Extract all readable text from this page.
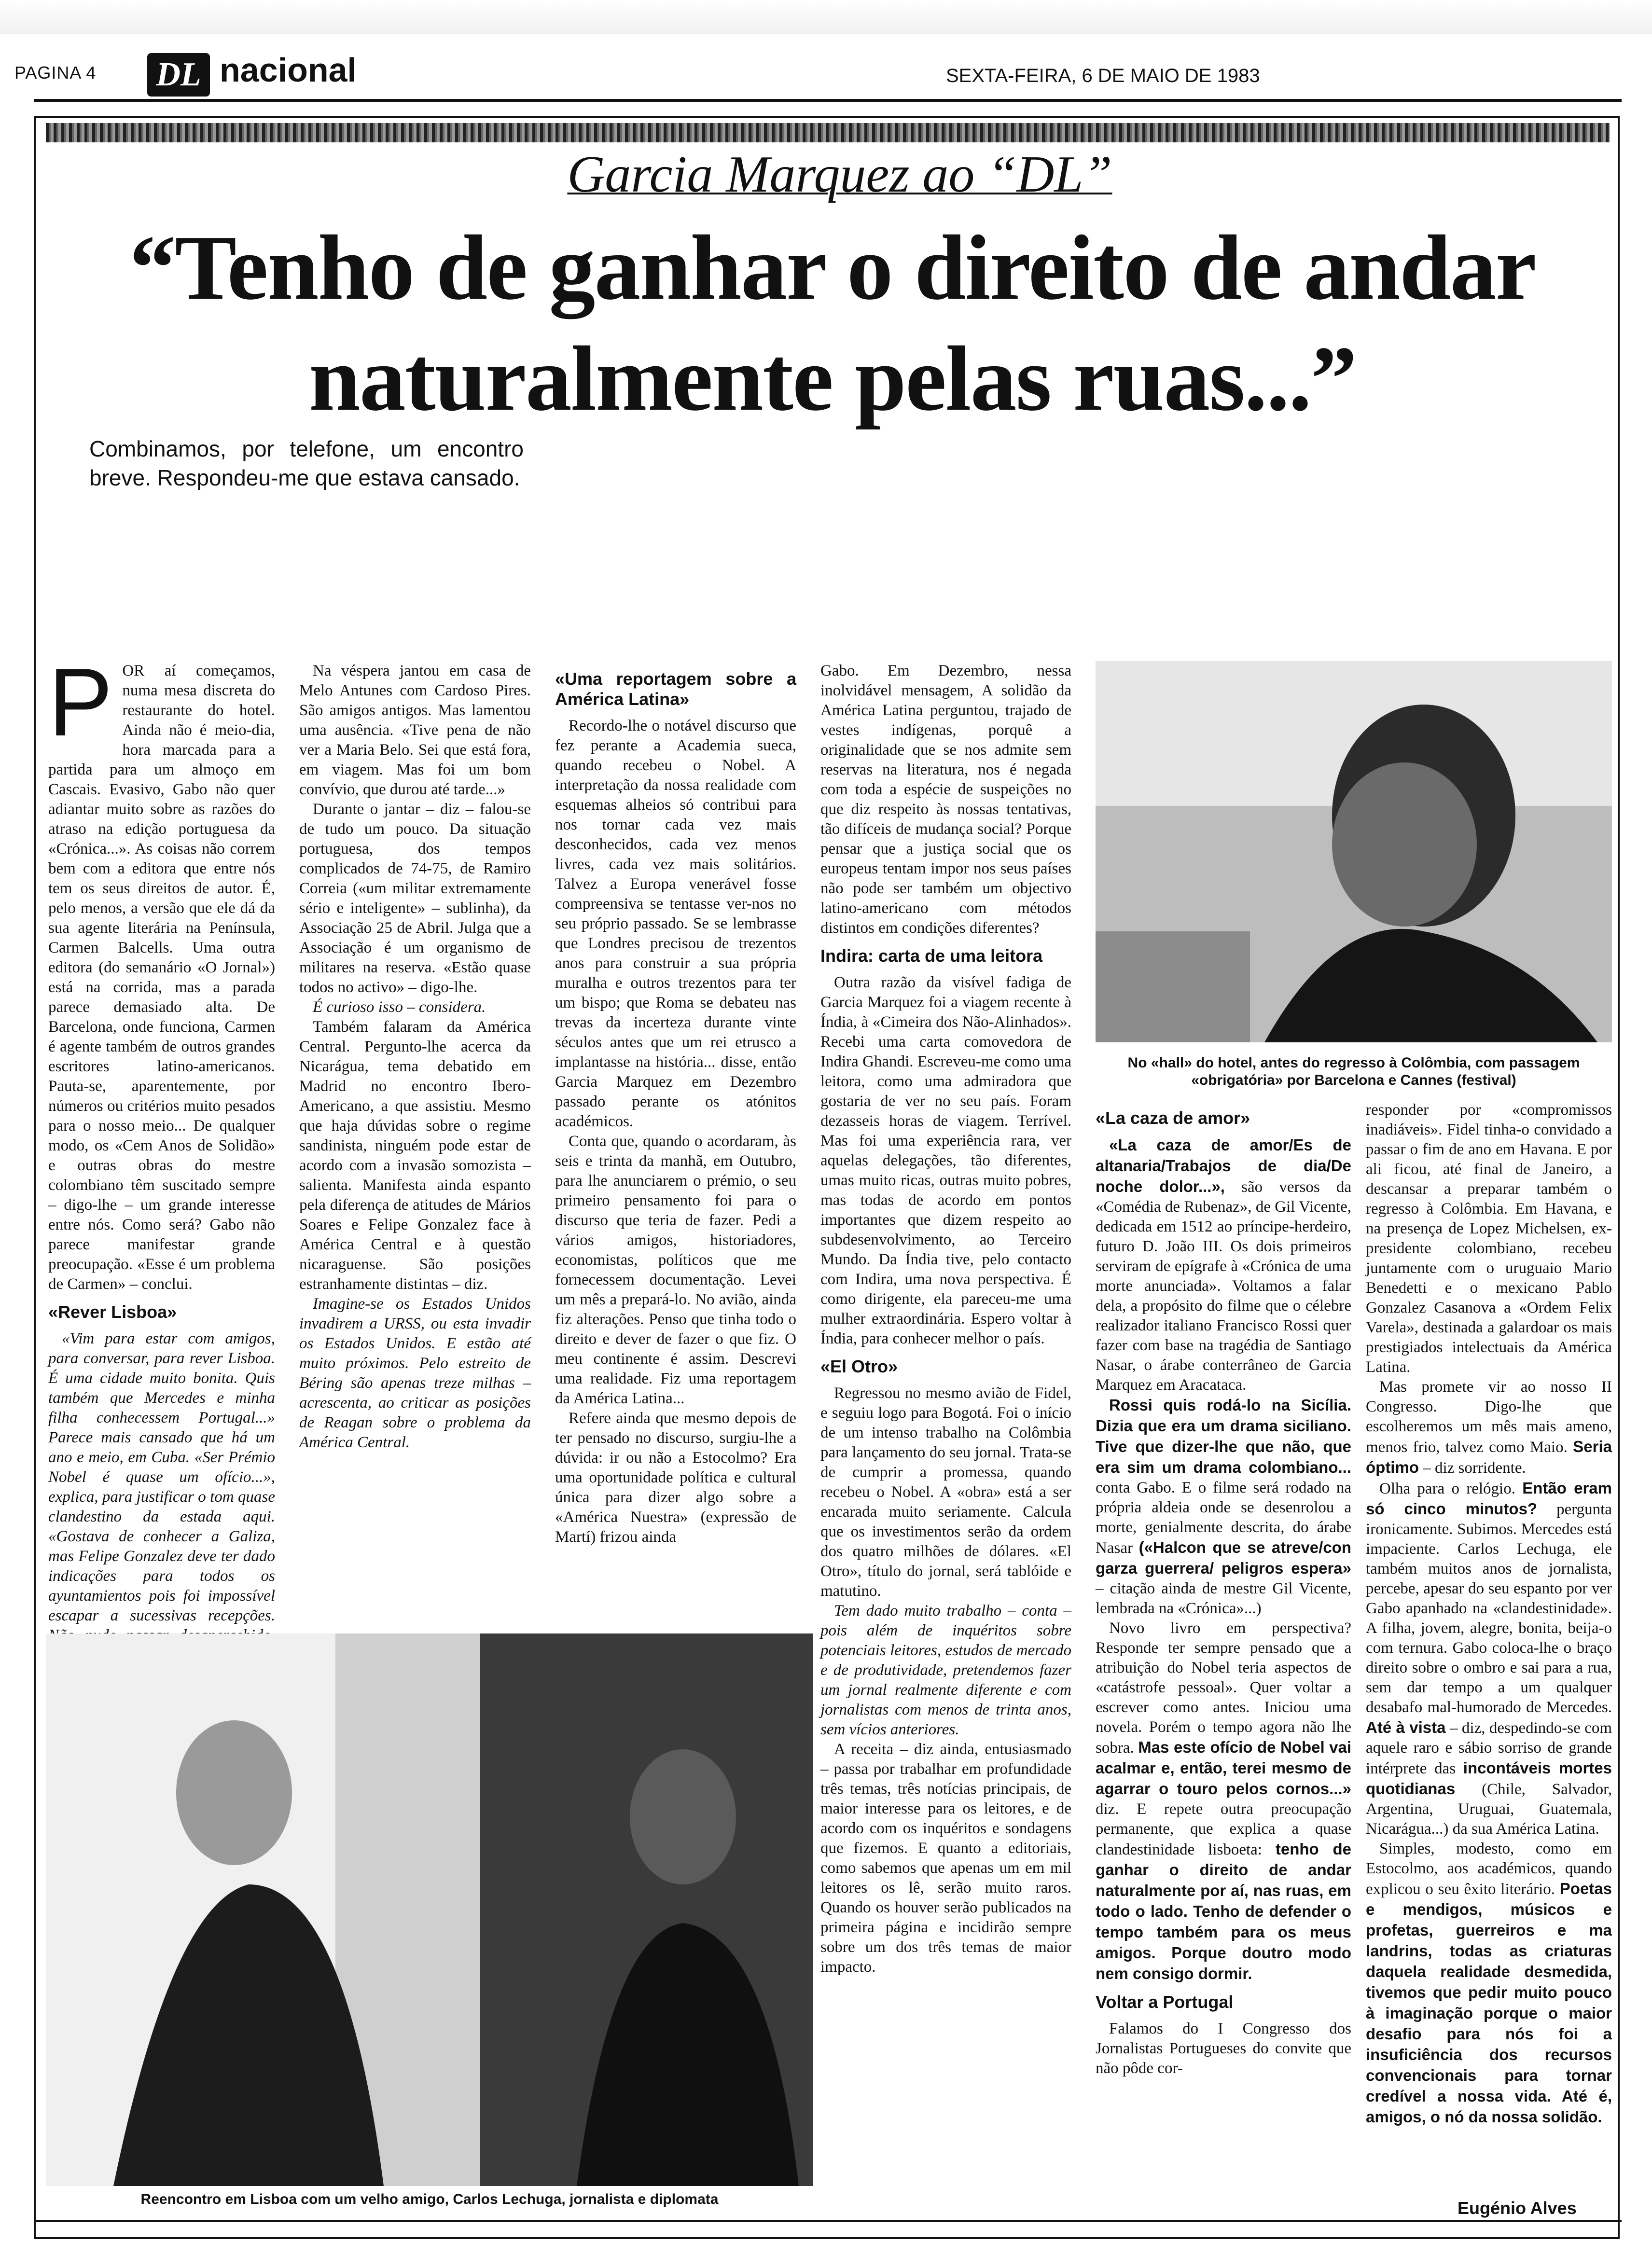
PAGINA 4 DL nacional	SEXTA-FEIRA, 6 DE MAIO DE 1983
Garcia Marquez ao “DL”
“Tenho de ganhar o direito de andar naturalmente pelas ruas...”

Combinamos, por telefone, um encontro breve. Respondeu-me que estava cansado.

P OR aí começamos, numa mesa discreta do restaurante do hotel. Ainda não é meio-dia, hora marcada para a partida para um almoço em Cascais. Evasivo, Gabo não quer adiantar muito sobre as razões do atraso na edição portuguesa da «Crónica...». As coisas não correm bem com a editora que entre nós tem os seus direitos de autor. É, pelo menos, a versão que ele dá da sua agente literária na Península, Carmen Balcells. Uma outra editora (do semanário «O Jornal») está na corrida, mas a parada parece demasiado alta. De Barcelona, onde funciona, Carmen é agente também de outros grandes escritores latino-americanos. Pauta-se, aparentemente, por números ou critérios muito pesados para o nosso meio... De qualquer modo, os «Cem Anos de Solidão» e outras obras do mestre colombiano têm suscitado sempre – digo-lhe – um grande interesse entre nós. Como será? Gabo não parece manifestar grande preocupação. «Esse é um problema de Carmen» – conclui.

«Rever Lisboa»

«Vim para estar com amigos, para conversar, para rever Lisboa. É uma cidade muito bonita. Quis também que Mercedes e minha filha conhecessem Portugal...» Parece mais cansado que há um ano e meio, em Cuba. «Ser Prémio Nobel é quase um ofício...», explica, para justificar o tom quase clandestino da estada aqui. «Gostava de conhecer a Galiza, mas Felipe Gonzalez deve ter dado indicações para todos os ayuntamientos pois foi impossível escapar a sucessivas recepções.

Na véspera jantou em casa de Melo Antunes com Cardoso Pires. São amigos antigos. Mas lamentou uma ausência. «Tive pena de não ver a Maria Belo. Sei que está fora, em viagem. Mas foi um bom convívio, que durou até tarde...»

Durante o jantar – diz – falou-se de tudo um pouco. Da situação portuguesa, dos tempos complicados de 74-75, de Ramiro Correia («um militar extremamente sério e inteligente» – sublinha), da Associação 25 de Abril. Julga que a Associação é um organismo de militares na reserva. «Estão quase todos no activo» – digo-lhe.

É curioso isso – considera.

Também falaram da América Central. Pergunto-lhe acerca da Nicarágua, tema debatido em Madrid no encontro Ibero-Americano, a que assistiu. Mesmo que haja dúvidas sobre o regime sandinista, ninguém pode estar de acordo com a invasão somozista – salienta. Manifesta ainda espanto pela diferença de atitudes de Mários Soares e Felipe Gonzalez face à América Central e à questão nicaraguense. São posições estranhamente distintas – diz.

Imagine-se os Estados Unidos invadirem a URSS, ou esta invadir os Estados Unidos. E estão até muito próximos. Pelo estreito de Béring são apenas treze milhas – acrescenta, ao criticar as posições de Reagan sobre o problema da América Central.

«Uma reportagem sobre a América Latina»

Recordo-lhe o notável discurso que fez perante a Academia sueca, quando recebeu o Nobel. A interpretação da nossa realidade com esquemas alheios só contribui para nos tornar cada vez mais desconhecidos, cada vez menos livres, cada vez mais solitários. Talvez a Europa venerável fosse compreensiva se tentasse ver-nos no seu próprio passado. Se se lembrasse que Londres precisou de trezentos anos para construir a sua própria muralha e outros trezentos para ter um bispo; que Roma se debateu nas trevas da incerteza durante vinte séculos antes que um rei etrusco a implantasse na história... disse, então Garcia Marquez em Dezembro passado perante os atónitos académicos.

Conta que, quando o acordaram, às seis e trinta da manhã, em Outubro, para lhe anunciarem o prémio, o seu primeiro pensamento foi para o discurso que teria de fazer. Pedi a vários amigos, historiadores, economistas, políticos que me fornecessem documentação. Levei um mês a prepará-lo. No avião, ainda fiz alterações. Penso que tinha todo o direito e dever de fazer o que fiz. O meu continente é assim. Descrevi uma realidade. Fiz uma reportagem da América Latina...

Refere ainda que mesmo depois de ter pensado no discurso, surgiu-lhe a dúvida: ir ou não a Estocolmo? Era uma oportunidade política e cultural única para dizer algo sobre a «América Nuestra» (expressão de Martí) frizou ainda

Gabo. Em Dezembro, nessa inolvidável mensagem, A solidão da América Latina perguntou, trajado de vestes indígenas, porquê a originalidade que se nos admite sem reservas na literatura, nos é negada com toda a espécie de suspeições no que diz respeito às nossas tentativas, tão difíceis de mudança social? Porque pensar que a justiça social que os europeus tentam impor nos seus países não pode ser também um objectivo latino-americano com métodos distintos em condições diferentes?

Indira: carta de uma leitora

Outra razão da visível fadiga de Garcia Marquez foi a viagem recente à Índia, à «Cimeira dos Não-Alinhados». Recebi uma carta comovedora de Indira Ghandi. Escreveu-me como uma leitora, como uma admiradora que gostaria de ver no seu país. Foram dezasseis horas de viagem. Terrível. Mas foi uma experiência rara, ver aquelas delegações, tão diferentes, umas muito ricas, outras muito pobres, mas todas de acordo em pontos importantes que dizem respeito ao subdesenvolvimento, ao Terceiro Mundo. Da Índia tive, pelo contacto com Indira, uma nova perspectiva. É como dirigente, ela pareceu-me uma mulher extraordinária. Espero voltar à Índia, para conhecer melhor o país.

«El Otro»

Regressou no mesmo avião de Fidel, e seguiu logo para Bogotá. Foi o início de um intenso trabalho na Colômbia para lançamento do seu jornal. Trata-se de cumprir a promessa, quando recebeu o Nobel. A «obra» está a ser encarada muito seriamente. Calcula que os investimentos serão da ordem dos quatro milhões de dólares. «El Otro», título do jornal, será tablóide e matutino.

Tem dado muito trabalho – conta – pois além de inquéritos sobre potenciais leitores, estudos de mercado e de produtividade, pretendemos fazer um jornal realmente diferente e com jornalistas com menos de trinta anos, sem vícios anteriores.

A receita – diz ainda, entusiasmado – passa por trabalhar em profundidade três temas, três notícias principais, de maior interesse para os leitores, e de acordo com os inquéritos e sondagens que fizemos. E quanto a editoriais, como sabemos que apenas um em mil leitores os lê, serão muito raros. Quando os houver serão publicados na primeira página e incidirão sempre sobre um dos três temas de maior impacto.

No «hall» do hotel, antes do regresso à Colômbia, com passagem «obrigatória» por Barcelona e Cannes (festival)
«La caza de amor»

«La caza de amor/Es de altanaria/Trabajos de dia/De noche dolor...», são versos da «Comédia de Rubenaz», de Gil Vicente, dedicada em 1512 ao príncipe-herdeiro, futuro D. João III. Os dois primeiros serviram de epígrafe à «Crónica de uma morte anunciada». Voltamos a falar dela, a propósito do filme que o célebre realizador italiano Francisco Rossi quer fazer com base na tragédia de Santiago Nasar, o árabe conterrâneo de Garcia Marquez em Aracataca.

Rossi quis rodá-lo na Sicília. Dizia que era um drama siciliano. Tive que dizer-lhe que não, que era sim um drama colombiano... conta Gabo. E o filme será rodado na própria aldeia onde se desenrolou a morte, genialmente descrita, do árabe Nasar («Halcon que se atreve/con garza guerrera/ peligros espera» – citação ainda de mestre Gil Vicente, lembrada na «Crónica»...)

Novo livro em perspectiva? Responde ter sempre pensado que a atribuição do Nobel teria aspectos de «catástrofe pessoal». Quer voltar a escrever como antes. Iniciou uma novela. Porém o tempo agora não lhe sobra. Mas este ofício de Nobel vai acalmar e, então, terei mesmo de agarrar o touro pelos cornos...» diz. E repete outra preocupação permanente, que explica a quase clandestinidade lisboeta: tenho de ganhar o direito de andar naturalmente por aí, nas ruas, em todo o lado. Tenho de defender o tempo também para os meus amigos. Porque doutro modo nem consigo dormir.

Voltar a Portugal

Falamos do I Congresso dos Jornalistas Portugueses do convite que não pôde cor-

responder por «compromissos inadiáveis». Fidel tinha-o convidado a passar o fim de ano em Havana. E por ali ficou, até final de Janeiro, a descansar a preparar também o regresso à Colômbia. Em Havana, e na presença de Lopez Michelsen, ex-presidente colombiano, recebeu juntamente com o uruguaio Mario Benedetti e o mexicano Pablo Gonzalez Casanova a «Ordem Felix Varela», destinada a galardoar os mais prestigiados intelectuais da América Latina.

Mas promete vir ao nosso II Congresso. Digo-lhe que escolheremos um mês mais ameno, menos frio, talvez como Maio. Seria óptimo – diz sorridente.

Olha para o relógio. Então eram só cinco minutos? pergunta ironicamente. Subimos. Mercedes está impaciente. Carlos Lechuga, ele também muitos anos de jornalista, percebe, apesar do seu espanto por ver Gabo apanhado na «clandestinidade». A filha, jovem, alegre, bonita, beija-o com ternura. Gabo coloca-lhe o braço direito sobre o ombro e sai para a rua, sem dar tempo a um qualquer desabafo mal-humorado de Mercedes. Até à vista – diz, despedindo-se com aquele raro e sábio sorriso de grande intérprete das incontáveis mortes quotidianas (Chile, Salvador, Argentina, Uruguai, Guatemala, Nicarágua...) da sua América Latina.

Simples, modesto, como em Estocolmo, aos académicos, quando explicou o seu êxito literário. Poetas e mendigos, músicos e profetas, guerreiros e ma landrins, todas as criaturas daquela realidade desmedida, tivemos que pedir muito pouco à imaginação porque o maior desafio para nós foi a insuficiência dos recursos convencionais para tornar credível a nossa vida. Até é, amigos, o nó da nossa solidão.

Eugénio Alves
Reencontro em Lisboa com um velho amigo, Carlos Lechuga, jornalista e diplomata
